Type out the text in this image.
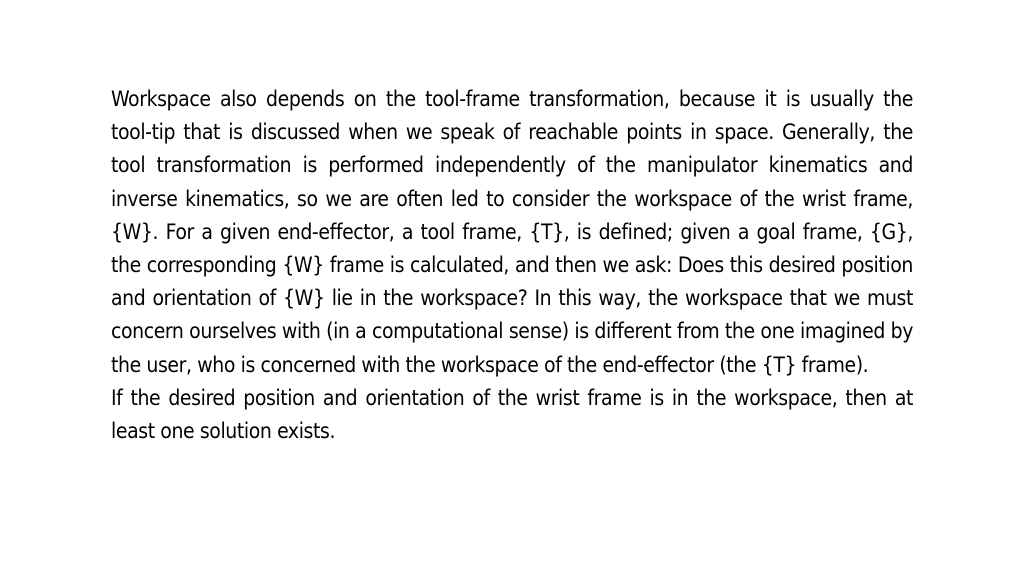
Workspace also depends on the tool-frame transformation, because it is usually the tool-tip that is discussed when we speak of reachable points in space. Generally, the tool transformation is performed independently of the manipulator kinematics and inverse kinematics, so we are often led to consider the workspace of the wrist frame, {W}. For a given end-effector, a tool frame, {T}, is defined; given a goal frame, {G}, the corresponding {W} frame is calculated, and then we ask: Does this desired position and orientation of {W} lie in the workspace? In this way, the workspace that we must concern ourselves with (in a computational sense) is different from the one imagined by the user, who is concerned with the workspace of the end-effector (the {T} frame).

If the desired position and orientation of the wrist frame is in the workspace, then at least one solution exists.
